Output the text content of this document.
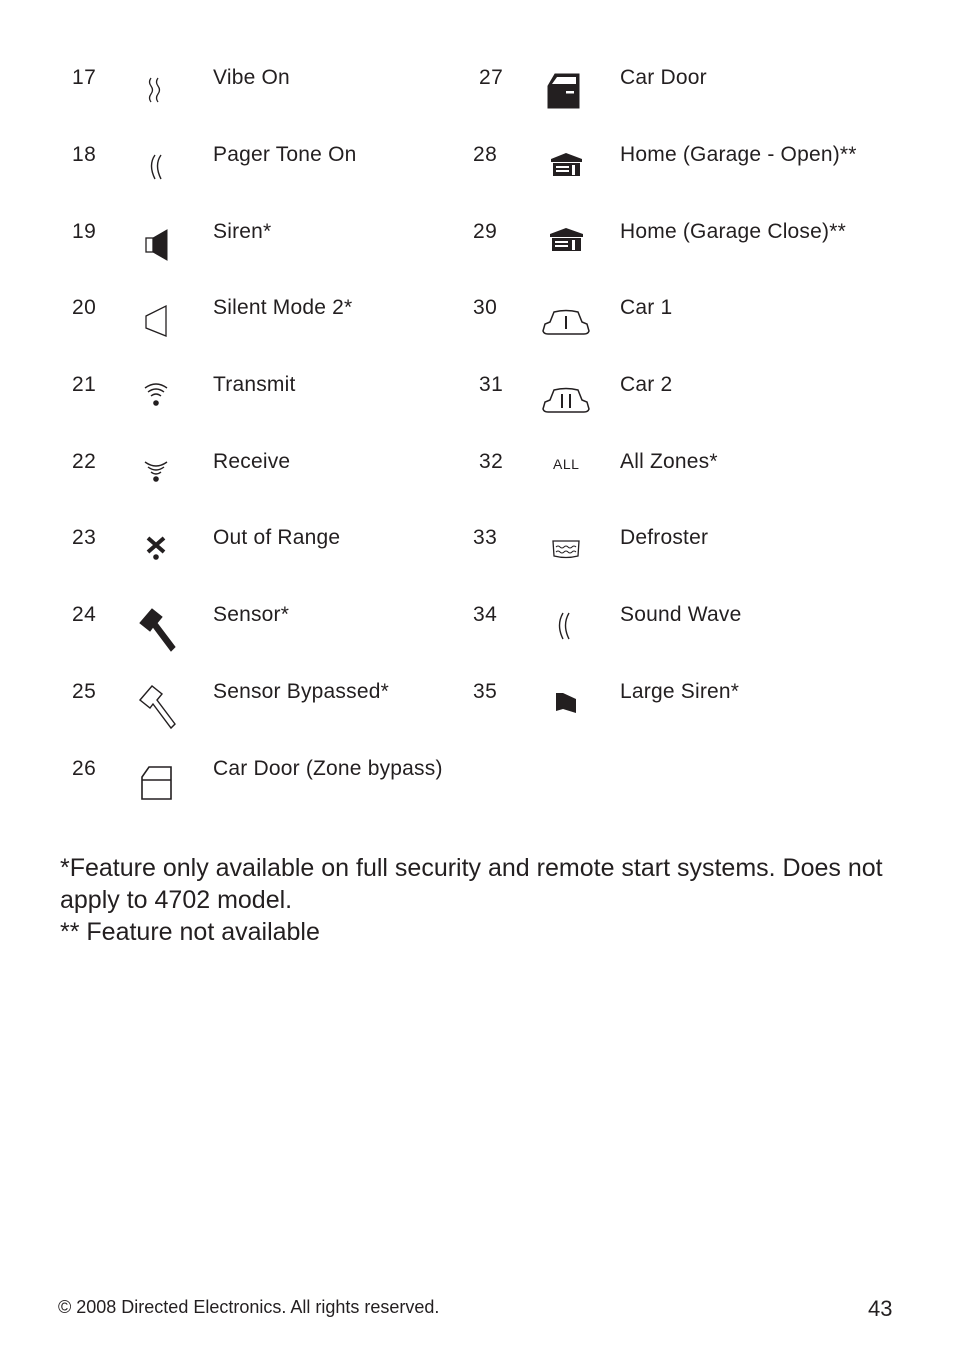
17	Vibe On
18	Pager Tone On
19	Siren*
20	Silent Mode 2*
21	Transmit
22	Receive
23	Out of Range
24	Sensor*
25	Sensor Bypassed*
26	Car Door (Zone bypass)
27	Car Door
28	Home (Garage - Open)**
29	Home (Garage Close)**
30	Car 1
31	Car 2
32	ALL All Zones*
33	Defroster
34	Sound Wave
35	Large Siren*

*Feature only available on full security and remote start systems. Does not apply to 4702 model.

** Feature not available

© 2008 Directed Electronics. All rights reserved.	43
